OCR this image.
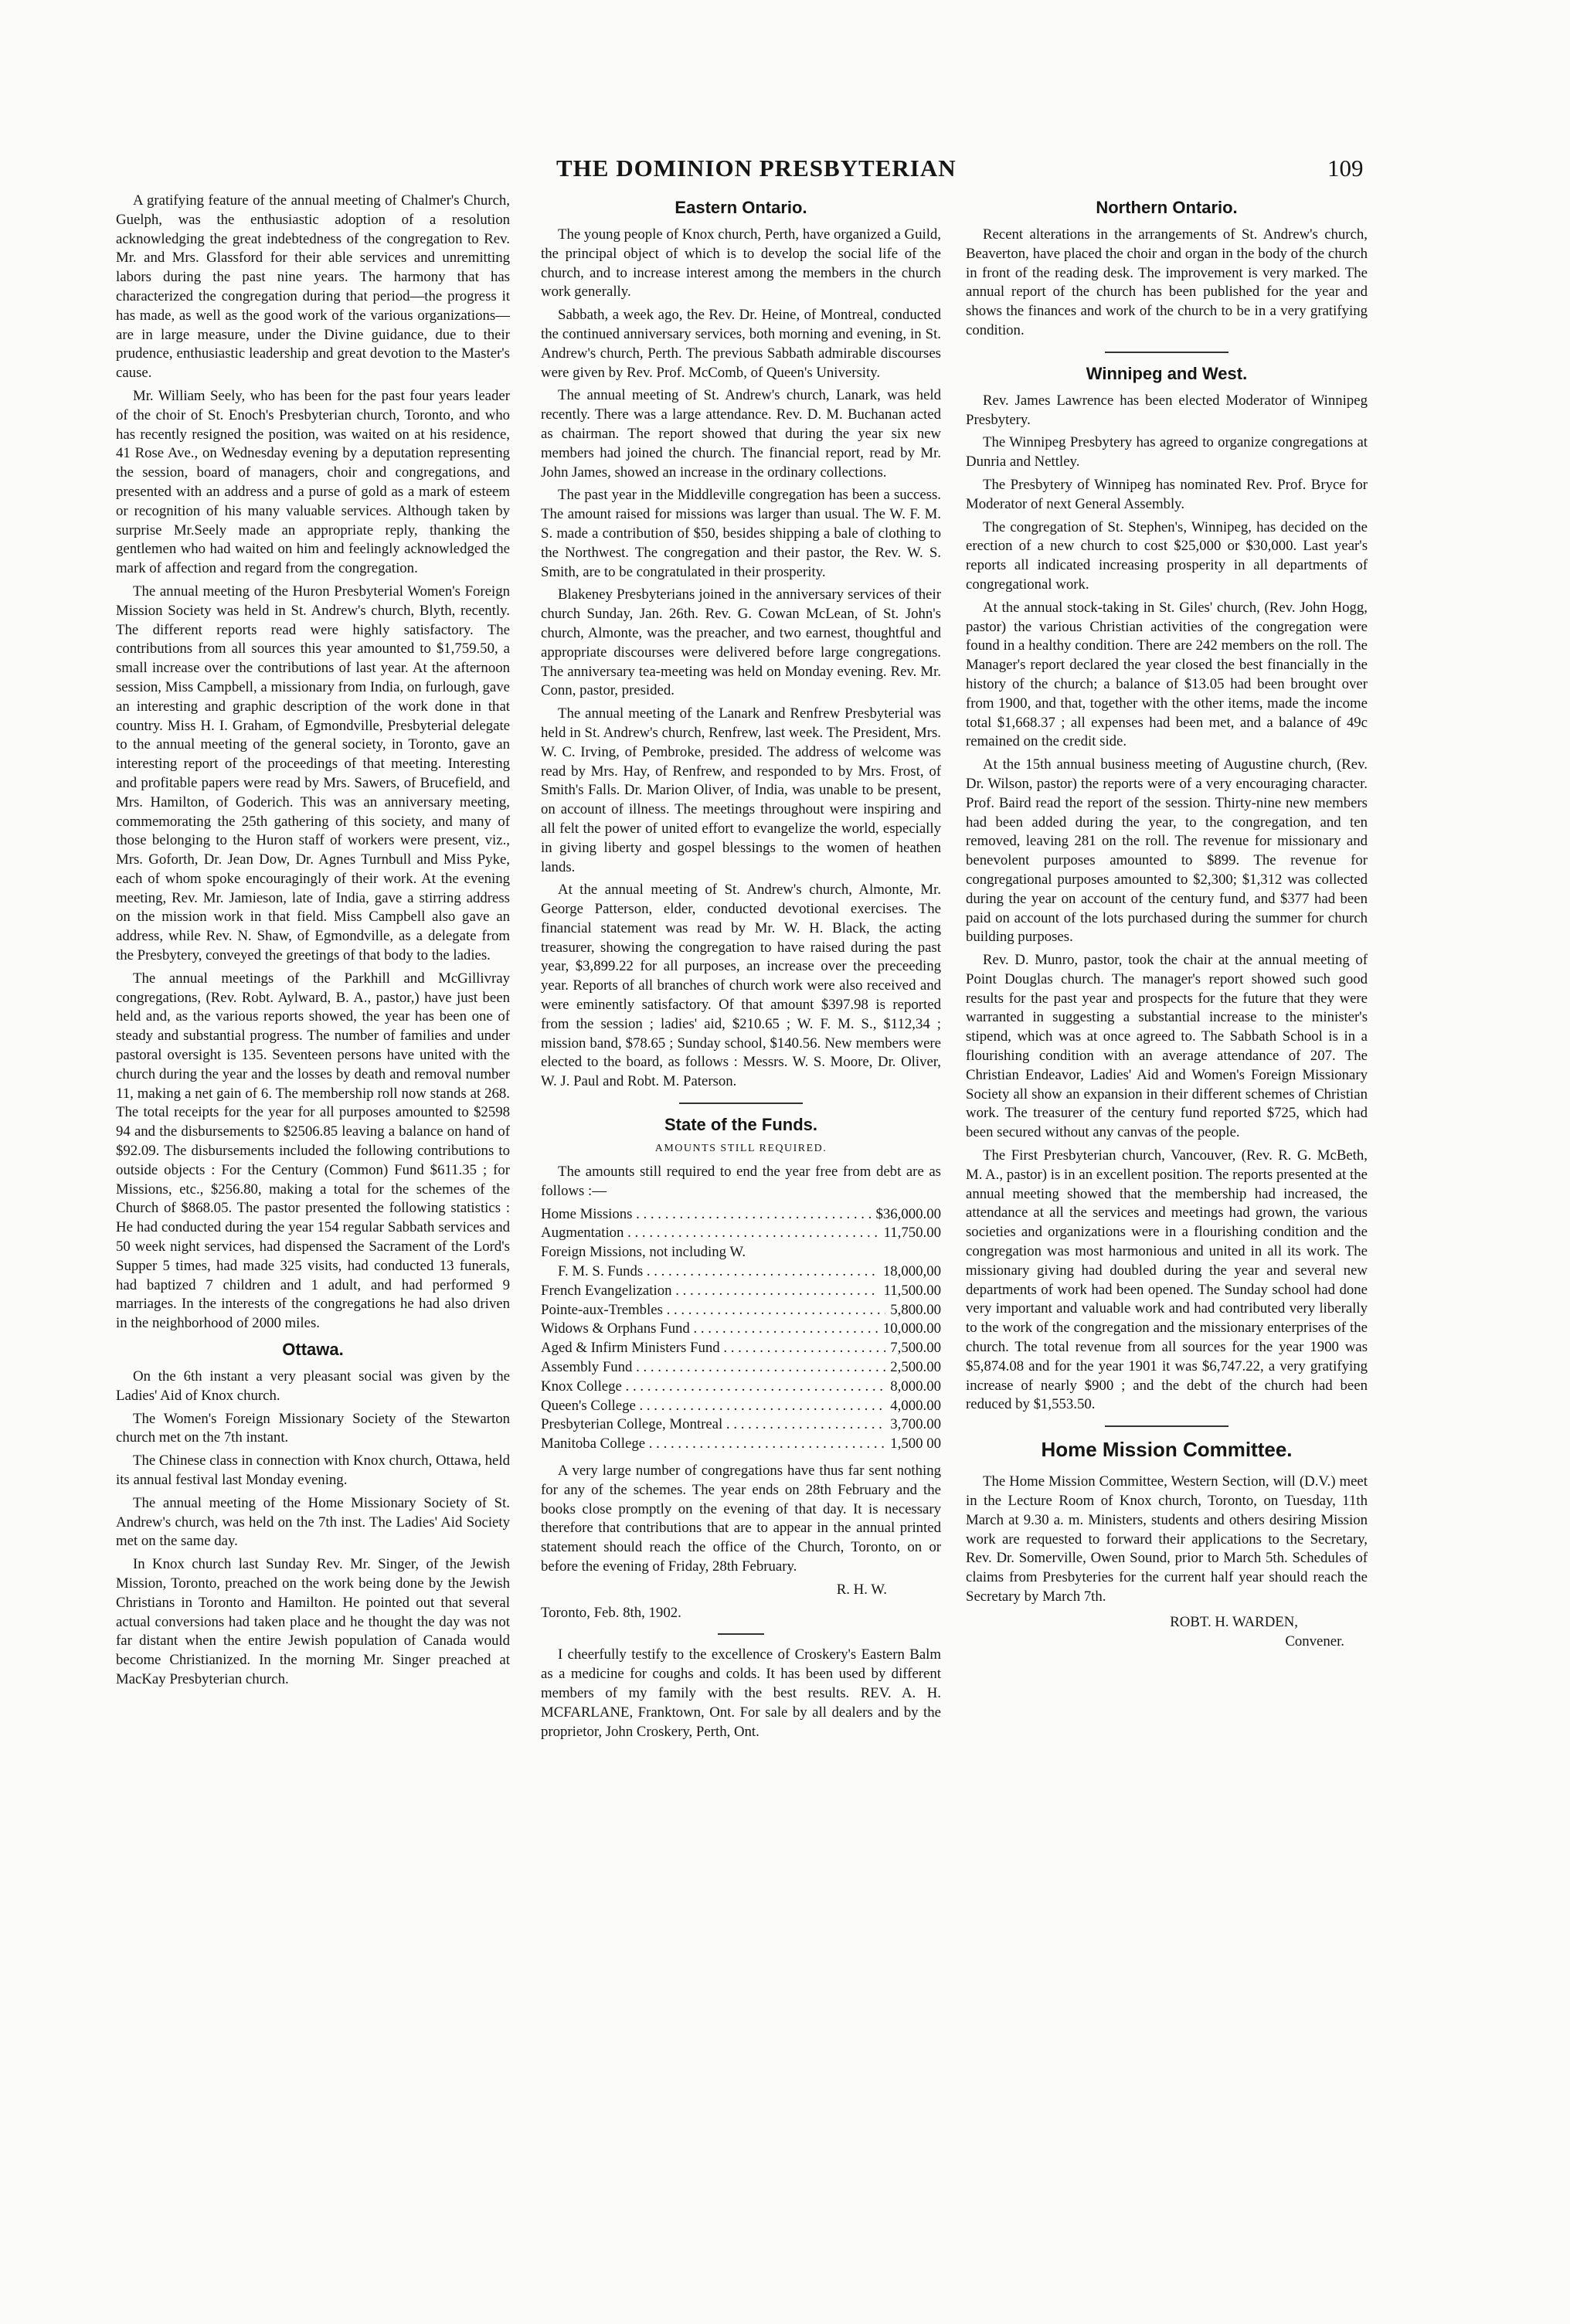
THE DOMINION PRESBYTERIAN	109

A gratifying feature of the annual meeting of Chalmer's Church, Guelph, was the enthusiastic adoption of a resolution acknowledging the great indebtedness of the congregation to Rev. Mr. and Mrs. Glassford for their able services and unremitting labors during the past nine years. The harmony that has characterized the congregation during that period—the progress it has made, as well as the good work of the various organizations—are in large measure, under the Divine guidance, due to their prudence, enthusiastic leadership and great devotion to the Master's cause.

Mr. William Seely, who has been for the past four years leader of the choir of St. Enoch's Presbyterian church, Toronto, and who has recently resigned the position, was waited on at his residence, 41 Rose Ave., on Wednesday evening by a deputation representing the session, board of managers, choir and congregations, and presented with an address and a purse of gold as a mark of esteem or recognition of his many valuable services. Although taken by surprise Mr.Seely made an appropriate reply, thanking the gentlemen who had waited on him and feelingly acknowledged the mark of affection and regard from the congregation.

The annual meeting of the Huron Presbyterial Women's Foreign Mission Society was held in St. Andrew's church, Blyth, recently. The different reports read were highly satisfactory. The contributions from all sources this year amounted to $1,759.50, a small increase over the contributions of last year. At the afternoon session, Miss Campbell, a missionary from India, on furlough, gave an interesting and graphic description of the work done in that country. Miss H. I. Graham, of Egmondville, Presbyterial delegate to the annual meeting of the general society, in Toronto, gave an interesting report of the proceedings of that meeting. Interesting and profitable papers were read by Mrs. Sawers, of Brucefield, and Mrs. Hamilton, of Goderich. This was an anniversary meeting, commemorating the 25th gathering of this society, and many of those belonging to the Huron staff of workers were present, viz., Mrs. Goforth, Dr. Jean Dow, Dr. Agnes Turnbull and Miss Pyke, each of whom spoke encouragingly of their work. At the evening meeting, Rev. Mr. Jamieson, late of India, gave a stirring address on the mission work in that field. Miss Campbell also gave an address, while Rev. N. Shaw, of Egmondville, as a delegate from the Presbytery, conveyed the greetings of that body to the ladies.

The annual meetings of the Parkhill and McGillivray congregations, (Rev. Robt. Aylward, B. A., pastor,) have just been held and, as the various reports showed, the year has been one of steady and substantial progress. The number of families and under pastoral oversight is 135. Seventeen persons have united with the church during the year and the losses by death and removal number 11, making a net gain of 6. The membership roll now stands at 268. The total receipts for the year for all purposes amounted to $2598 94 and the disbursements to $2506.85 leaving a balance on hand of $92.09. The disbursements included the following contributions to outside objects : For the Century (Common) Fund $611.35 ; for Missions, etc., $256.80, making a total for the schemes of the Church of $868.05. The pastor presented the following statistics : He had conducted during the year 154 regular Sabbath services and 50 week night services, had dispensed the Sacrament of the Lord's Supper 5 times, had made 325 visits, had conducted 13 funerals, had baptized 7 children and 1 adult, and had performed 9 marriages. In the interests of the congregations he had also driven in the neighborhood of 2000 miles.

Ottawa.

On the 6th instant a very pleasant social was given by the Ladies' Aid of Knox church.

The Women's Foreign Missionary Society of the Stewarton church met on the 7th instant.

The Chinese class in connection with Knox church, Ottawa, held its annual festival last Monday evening.

The annual meeting of the Home Missionary Society of St. Andrew's church, was held on the 7th inst. The Ladies' Aid Society met on the same day.

In Knox church last Sunday Rev. Mr. Singer, of the Jewish Mission, Toronto, preached on the work being done by the Jewish Christians in Toronto and Hamilton. He pointed out that several actual conversions had taken place and he thought the day was not far distant when the entire Jewish population of Canada would become Christianized. In the morning Mr. Singer preached at MacKay Presbyterian church.

Eastern Ontario.

The young people of Knox church, Perth, have organized a Guild, the principal object of which is to develop the social life of the church, and to increase interest among the members in the church work generally.

Sabbath, a week ago, the Rev. Dr. Heine, of Montreal, conducted the continued anniversary services, both morning and evening, in St. Andrew's church, Perth. The previous Sabbath admirable discourses were given by Rev. Prof. McComb, of Queen's University.

The annual meeting of St. Andrew's church, Lanark, was held recently. There was a large attendance. Rev. D. M. Buchanan acted as chairman. The report showed that during the year six new members had joined the church. The financial report, read by Mr. John James, showed an increase in the ordinary collections.

The past year in the Middleville congregation has been a success. The amount raised for missions was larger than usual. The W. F. M. S. made a contribution of $50, besides shipping a bale of clothing to the Northwest. The congregation and their pastor, the Rev. W. S. Smith, are to be congratulated in their prosperity.

Blakeney Presbyterians joined in the anniversary services of their church Sunday, Jan. 26th. Rev. G. Cowan McLean, of St. John's church, Almonte, was the preacher, and two earnest, thoughtful and appropriate discourses were delivered before large congregations. The anniversary tea-meeting was held on Monday evening. Rev. Mr. Conn, pastor, presided.

The annual meeting of the Lanark and Renfrew Presbyterial was held in St. Andrew's church, Renfrew, last week. The President, Mrs. W. C. Irving, of Pembroke, presided. The address of welcome was read by Mrs. Hay, of Renfrew, and responded to by Mrs. Frost, of Smith's Falls. Dr. Marion Oliver, of India, was unable to be present, on account of illness. The meetings throughout were inspiring and all felt the power of united effort to evangelize the world, especially in giving liberty and gospel blessings to the women of heathen lands.

At the annual meeting of St. Andrew's church, Almonte, Mr. George Patterson, elder, conducted devotional exercises. The financial statement was read by Mr. W. H. Black, the acting treasurer, showing the congregation to have raised during the past year, $3,899.22 for all purposes, an increase over the preceeding year. Reports of all branches of church work were also received and were eminently satisfactory. Of that amount $397.98 is reported from the session ; ladies' aid, $210.65 ; W. F. M. S., $112,34 ; mission band, $78.65 ; Sunday school, $140.56. New members were elected to the board, as follows : Messrs. W. S. Moore, Dr. Oliver, W. J. Paul and Robt. M. Paterson.

State of the Funds.
AMOUNTS STILL REQUIRED.

The amounts still required to end the year free from debt are as follows :—

Home Missions . . .	$36,000.00
Augmentation . . .	11,750.00
Foreign Missions, not including W.
F. M. S. Funds . . .	18,000,00
French Evangelization . . .	11,500.00
Pointe-aux-Trembles . . .	5,800.00
Widows & Orphans Fund . . .	10,000.00
Aged & Infirm Ministers Fund . . .	7,500.00
Assembly Fund . . .	2,500.00
Knox College . . .	8,000.00
Queen's College . . .	4,000.00
Presbyterian College, Montreal . . .	3,700.00
Manitoba College . . .	1,500 00

A very large number of congregations have thus far sent nothing for any of the schemes. The year ends on 28th February and the books close promptly on the evening of that day. It is necessary therefore that contributions that are to appear in the annual printed statement should reach the office of the Church, Toronto, on or before the evening of Friday, 28th February.

R. H. W.

Toronto, Feb. 8th, 1902.

I cheerfully testify to the excellence of Croskery's Eastern Balm as a medicine for coughs and colds. It has been used by different members of my family with the best results. REV. A. H. MCFARLANE, Franktown, Ont. For sale by all dealers and by the proprietor, John Croskery, Perth, Ont.

Northern Ontario.

Recent alterations in the arrangements of St. Andrew's church, Beaverton, have placed the choir and organ in the body of the church in front of the reading desk. The improvement is very marked. The annual report of the church has been published for the year and shows the finances and work of the church to be in a very gratifying condition.

Winnipeg and West.

Rev. James Lawrence has been elected Moderator of Winnipeg Presbytery.

The Winnipeg Presbytery has agreed to organize congregations at Dunria and Nettley.

The Presbytery of Winnipeg has nominated Rev. Prof. Bryce for Moderator of next General Assembly.

The congregation of St. Stephen's, Winnipeg, has decided on the erection of a new church to cost $25,000 or $30,000. Last year's reports all indicated increasing prosperity in all departments of congregational work.

At the annual stock-taking in St. Giles' church, (Rev. John Hogg, pastor) the various Christian activities of the congregation were found in a healthy condition. There are 242 members on the roll. The Manager's report declared the year closed the best financially in the history of the church; a balance of $13.05 had been brought over from 1900, and that, together with the other items, made the income total $1,668.37 ; all expenses had been met, and a balance of 49c remained on the credit side.

At the 15th annual business meeting of Augustine church, (Rev. Dr. Wilson, pastor) the reports were of a very encouraging character. Prof. Baird read the report of the session. Thirty-nine new members had been added during the year, to the congregation, and ten removed, leaving 281 on the roll. The revenue for missionary and benevolent purposes amounted to $899. The revenue for congregational purposes amounted to $2,300; $1,312 was collected during the year on account of the century fund, and $377 had been paid on account of the lots purchased during the summer for church building purposes.

Rev. D. Munro, pastor, took the chair at the annual meeting of Point Douglas church. The manager's report showed such good results for the past year and prospects for the future that they were warranted in suggesting a substantial increase to the minister's stipend, which was at once agreed to. The Sabbath School is in a flourishing condition with an average attendance of 207. The Christian Endeavor, Ladies' Aid and Women's Foreign Missionary Society all show an expansion in their different schemes of Christian work. The treasurer of the century fund reported $725, which had been secured without any canvas of the people.

The First Presbyterian church, Vancouver, (Rev. R. G. McBeth, M. A., pastor) is in an excellent position. The reports presented at the annual meeting showed that the membership had increased, the attendance at all the services and meetings had grown, the various societies and organizations were in a flourishing condition and the congregation was most harmonious and united in all its work. The missionary giving had doubled during the year and several new departments of work had been opened. The Sunday school had done very important and valuable work and had contributed very liberally to the work of the congregation and the missionary enterprises of the church. The total revenue from all sources for the year 1900 was $5,874.08 and for the year 1901 it was $6,747.22, a very gratifying increase of nearly $900 ; and the debt of the church had been reduced by $1,553.50.

Home Mission Committee.

The Home Mission Committee, Western Section, will (D.V.) meet in the Lecture Room of Knox church, Toronto, on Tuesday, 11th March at 9.30 a. m. Ministers, students and others desiring Mission work are requested to forward their applications to the Secretary, Rev. Dr. Somerville, Owen Sound, prior to March 5th. Schedules of claims from Presbyteries for the current half year should reach the Secretary by March 7th.

ROBT. H. WARDEN,
Convener.
